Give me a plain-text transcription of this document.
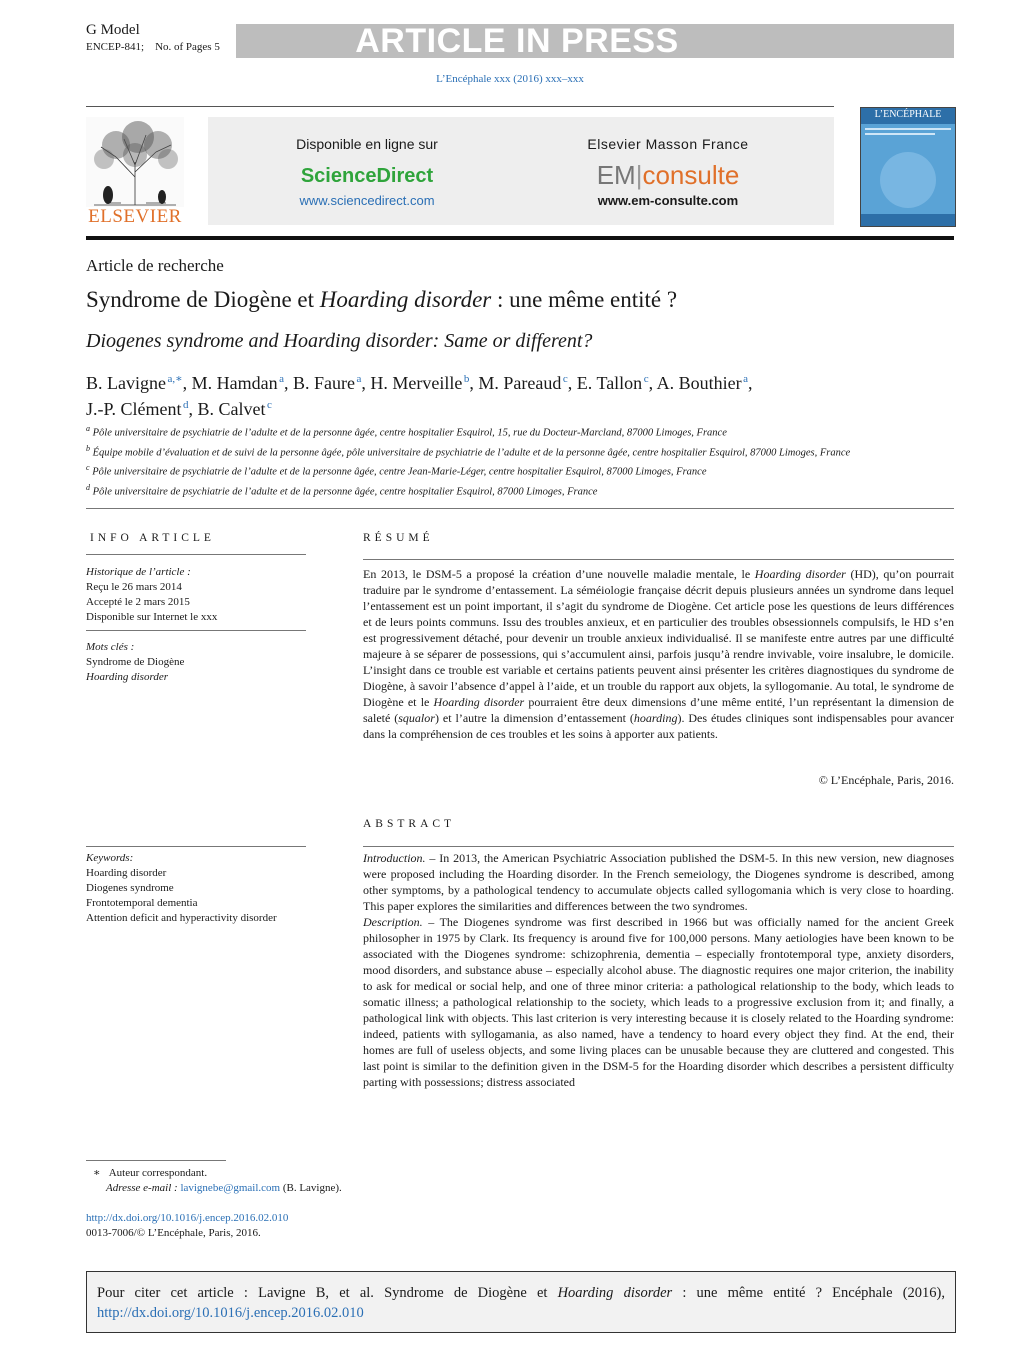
G Model
ENCEP-841; No. of Pages 5	ARTICLE IN PRESS
L’Encéphale xxx (2016) xxx–xxx
ELSEVIER
Disponible en ligne sur
ScienceDirect
www.sciencedirect.com
Elsevier Masson France
EM|consulte
www.em-consulte.com
L’ENCÉPHALE
Article de recherche
Syndrome de Diogène et Hoarding disorder : une même entité ?
Diogenes syndrome and Hoarding disorder: Same or different?
B. Lavigne  $^{a,∗}$, M. Hamdan  $^a$, B. Faure  $^a$, H. Merveille  $^b$, M. Pareaud  $^c$, E. Tallon  $^c$, A. Bouthier  $^a$,
J.-P. Clément  $^d$, B. Calvet  $^c$
$^a$ Pôle universitaire de psychiatrie de l’adulte et de la personne âgée, centre hospitalier Esquirol, 15, rue du Docteur-Marcland, 87000 Limoges, France
$^b$ Équipe mobile d’évaluation et de suivi de la personne âgée, pôle universitaire de psychiatrie de l’adulte et de la personne âgée, centre hospitalier Esquirol, 87000 Limoges, France
$^c$ Pôle universitaire de psychiatrie de l’adulte et de la personne âgée, centre Jean-Marie-Léger, centre hospitalier Esquirol, 87000 Limoges, France
$^d$ Pôle universitaire de psychiatrie de l’adulte et de la personne âgée, centre hospitalier Esquirol, 87000 Limoges, France
INFO ARTICLE
Historique de l’article :
Reçu le 26 mars 2014
Accepté le 2 mars 2015
Disponible sur Internet le xxx
Mots clés :
Syndrome de Diogène
Hoarding disorder
Keywords:
Hoarding disorder
Diogenes syndrome
Frontotemporal dementia
Attention deficit and hyperactivity disorder
RÉSUMÉ
En 2013, le DSM-5 a proposé la création d’une nouvelle maladie mentale, le Hoarding disorder (HD), qu’on pourrait traduire par le syndrome d’entassement. La séméiologie française décrit depuis plusieurs années un syndrome dans lequel l’entassement est un point important, il s’agit du syndrome de Diogène. Cet article pose les questions de leurs différences et de leurs points communs. Issu des troubles anxieux, et en particulier des troubles obsessionnels compulsifs, le HD s’en est progressivement détaché, pour devenir un trouble anxieux individualisé. Il se manifeste entre autres par une difficulté majeure à se séparer de possessions, qui s’accumulent ainsi, parfois jusqu’à rendre invivable, voire insalubre, le domicile. L’insight dans ce trouble est variable et certains patients peuvent ainsi présenter les critères diagnostiques du syndrome de Diogène, à savoir l’absence d’appel à l’aide, et un trouble du rapport aux objets, la syllogomanie. Au total, le syndrome de Diogène et le Hoarding disorder pourraient être deux dimensions d’une même entité, l’un représentant la dimension de saleté (squalor) et l’autre la dimension d’entassement (hoarding). Des études cliniques sont indispensables pour avancer dans la compréhension de ces troubles et les soins à apporter aux patients.
© L’Encéphale, Paris, 2016.
ABSTRACT
Introduction. – In 2013, the American Psychiatric Association published the DSM-5. In this new version, new diagnoses were proposed including the Hoarding disorder. In the French semeiology, the Diogenes syndrome is described, among other symptoms, by a pathological tendency to accumulate objects called syllogomania which is very close to hoarding. This paper explores the similarities and differences between the two syndromes.
Description. – The Diogenes syndrome was first described in 1966 but was officially named for the ancient Greek philosopher in 1975 by Clark. Its frequency is around five for 100,000 persons. Many aetiologies have been known to be associated with the Diogenes syndrome: schizophrenia, dementia – especially frontotemporal type, anxiety disorders, mood disorders, and substance abuse – especially alcohol abuse. The diagnostic requires one major criterion, the inability to ask for medical or social help, and one of three minor criteria: a pathological relationship to the body, which leads to somatic illness; a pathological relationship to the society, which leads to a progressive exclusion from it; and finally, a pathological link with objects. This last criterion is very interesting because it is closely related to the Hoarding syndrome: indeed, patients with syllogamania, as also named, have a tendency to hoard every object they find. At the end, their homes are full of useless objects, and some living places can be unusable because they are cluttered and congested. This last point is similar to the definition given in the DSM-5 for the Hoarding disorder which describes a persistent difficulty parting with possessions; distress associated
∗ Auteur correspondant.
Adresse e-mail : lavignebe@gmail.com (B. Lavigne).
http://dx.doi.org/10.1016/j.encep.2016.02.010
0013-7006/© L’Encéphale, Paris, 2016.
Pour citer cet article : Lavigne B, et al. Syndrome de Diogène et Hoarding disorder : une même entité ? Encéphale (2016), http://dx.doi.org/10.1016/j.encep.2016.02.010
